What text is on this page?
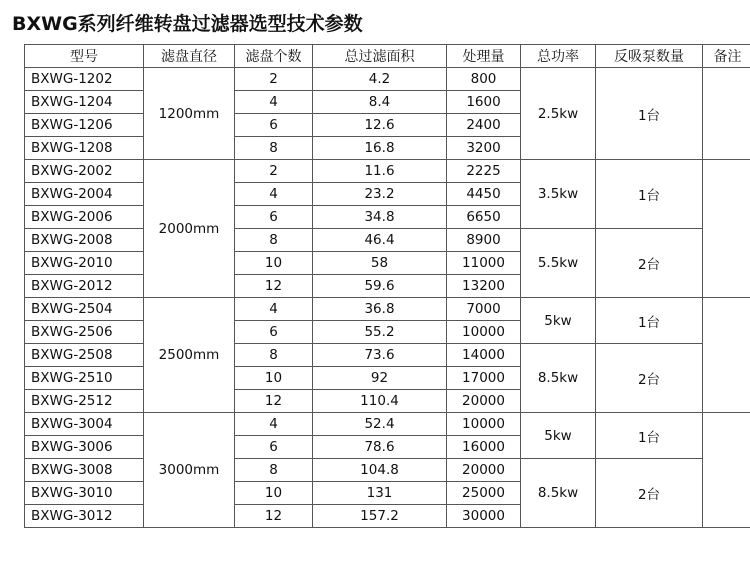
BXWG系列纤维转盘过滤器选型技术参数
型号	滤盘直径	滤盘个数	总过滤面积	处理量	总功率	反吸泵数量	备注
BXWG-1202	1200mm	2	4.2	800	2.5kw	1台	
BXWG-1204		4	8.4	1600			
BXWG-1206		6	12.6	2400			
BXWG-1208		8	16.8	3200			
BXWG-2002	2000mm	2	11.6	2225	3.5kw	1台	
BXWG-2004		4	23.2	4450			
BXWG-2006		6	34.8	6650			
BXWG-2008		8	46.4	8900	5.5kw	2台	
BXWG-2010		10	58	11000			
BXWG-2012		12	59.6	13200			
BXWG-2504	2500mm	4	36.8	7000	5kw	1台	
BXWG-2506		6	55.2	10000			
BXWG-2508		8	73.6	14000	8.5kw	2台	
BXWG-2510		10	92	17000			
BXWG-2512		12	110.4	20000			
BXWG-3004	3000mm	4	52.4	10000	5kw	1台	
BXWG-3006		6	78.6	16000			
BXWG-3008		8	104.8	20000	8.5kw	2台	
BXWG-3010		10	131	25000			
BXWG-3012		12	157.2	30000			
